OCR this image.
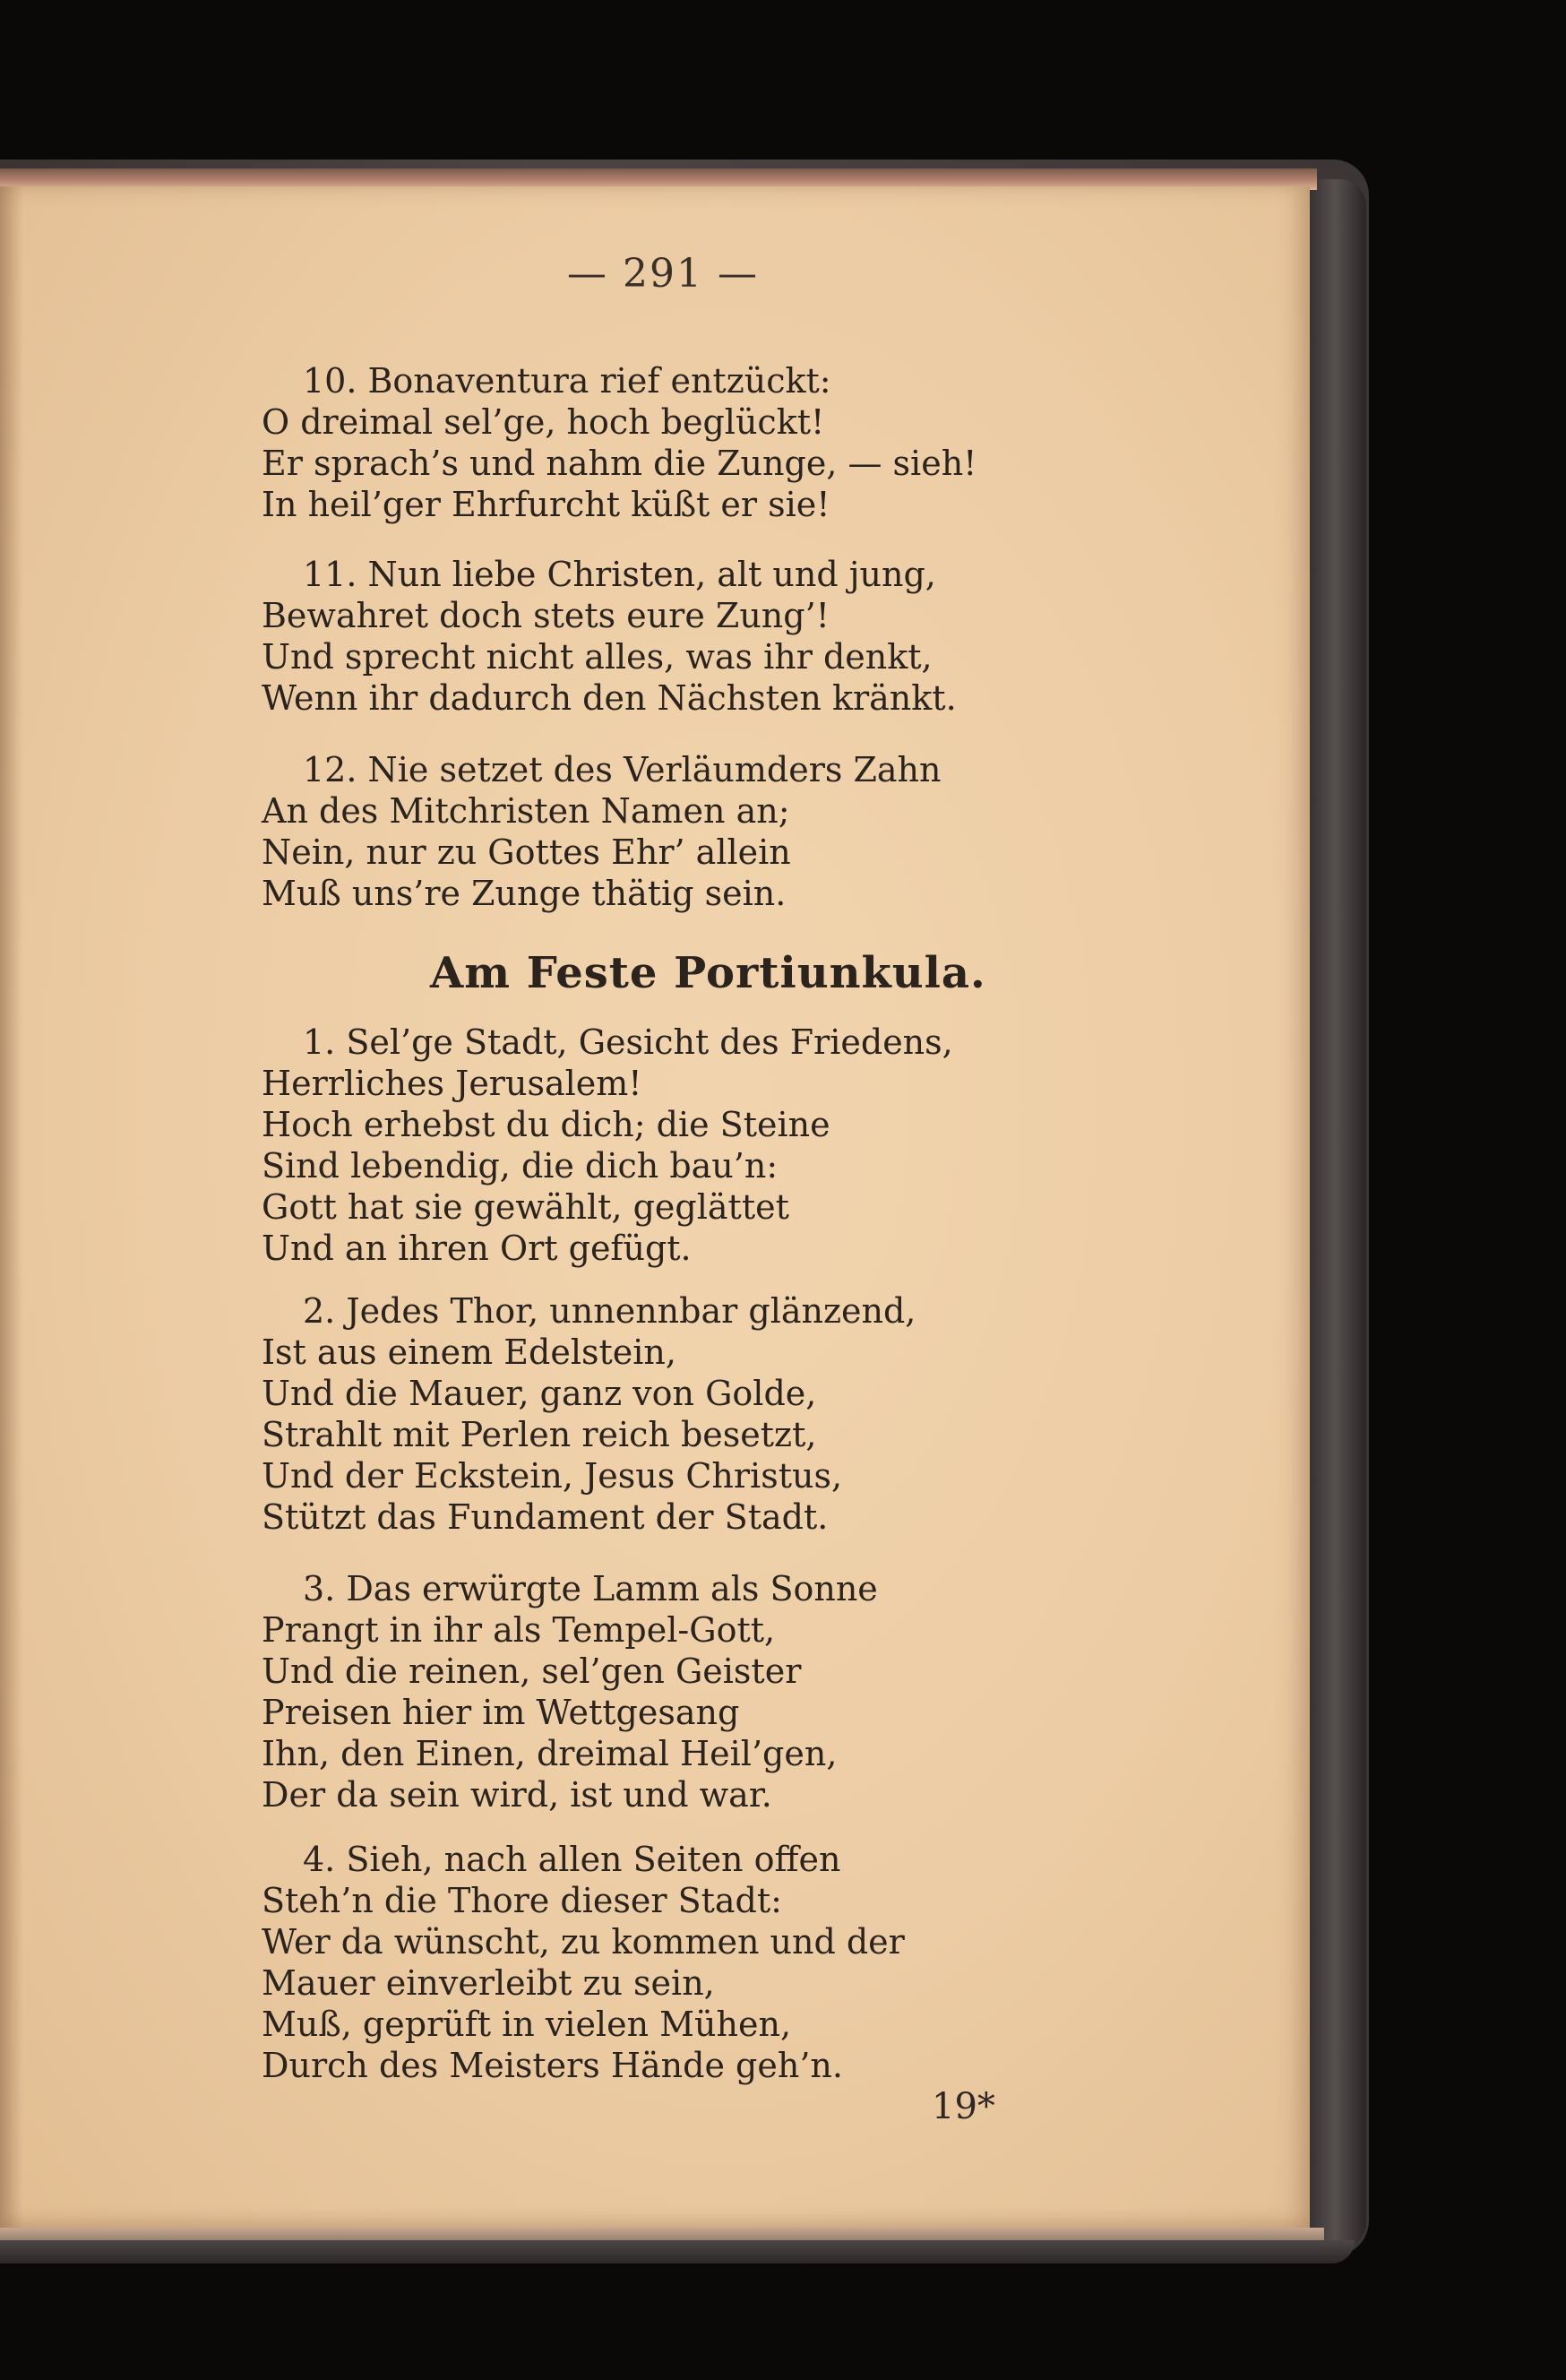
— 291 —
10. Bonaventura rief entzückt:
O dreimal sel’ge, hoch beglückt!
Er sprach’s und nahm die Zunge, — sieh!
In heil’ger Ehrfurcht küßt er sie!
11. Nun liebe Christen, alt und jung,
Bewahret doch stets eure Zung’!
Und sprecht nicht alles, was ihr denkt,
Wenn ihr dadurch den Nächsten kränkt.
12. Nie setzet des Verläumders Zahn
An des Mitchristen Namen an;
Nein, nur zu Gottes Ehr’ allein
Muß uns’re Zunge thätig sein.
Am Feste Portiunkula.
1. Sel’ge Stadt, Gesicht des Friedens,
Herrliches Jerusalem!
Hoch erhebst du dich; die Steine
Sind lebendig, die dich bau’n:
Gott hat sie gewählt, geglättet
Und an ihren Ort gefügt.
2. Jedes Thor, unnennbar glänzend,
Ist aus einem Edelstein,
Und die Mauer, ganz von Golde,
Strahlt mit Perlen reich besetzt,
Und der Eckstein, Jesus Christus,
Stützt das Fundament der Stadt.
3. Das erwürgte Lamm als Sonne
Prangt in ihr als Tempel-Gott,
Und die reinen, sel’gen Geister
Preisen hier im Wettgesang
Ihn, den Einen, dreimal Heil’gen,
Der da sein wird, ist und war.
4. Sieh, nach allen Seiten offen
Steh’n die Thore dieser Stadt:
Wer da wünscht, zu kommen und der
Mauer einverleibt zu sein,
Muß, geprüft in vielen Mühen,
Durch des Meisters Hände geh’n.
19*
